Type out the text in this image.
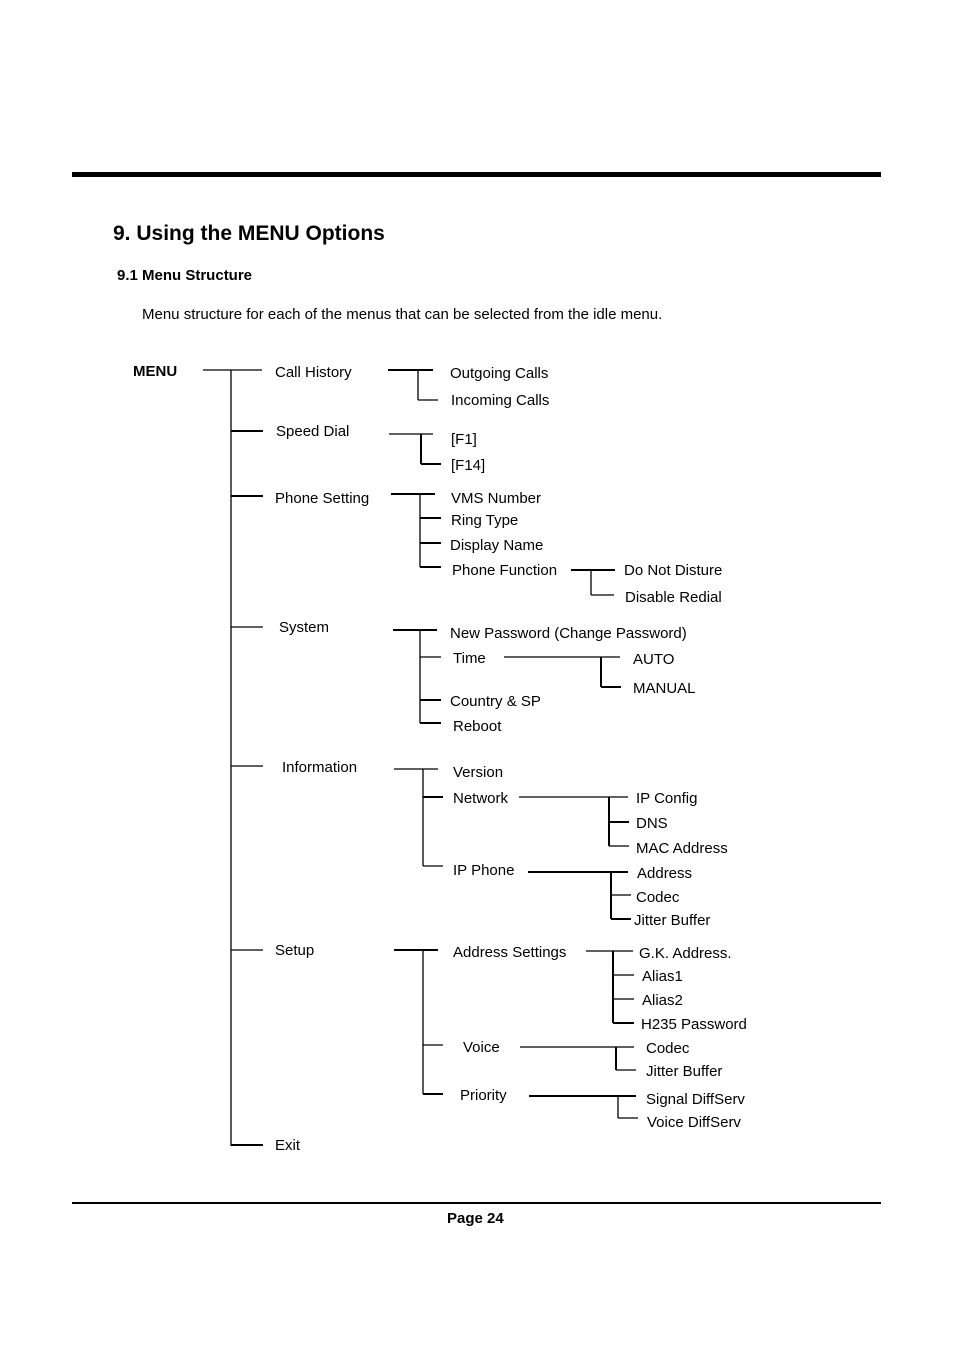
9. Using the MENU Options
9.1 Menu Structure
Menu structure for each of the menus that can be selected from the idle menu.
MENU	Call History	Outgoing Calls
Incoming Calls
Speed Dial	[F1]
[F14]
Phone Setting	VMS Number
Ring Type
Display Name
Phone Function	Do Not Disture
Disable Redial
System	New Password (Change Password)
Time	AUTO
MANUAL
Country & SP
Reboot
Information	Version
Network	IP Config
DNS
MAC Address
IP Phone	Address
Codec
Jitter Buffer
Setup	Address Settings	G.K. Address.
Alias1
Alias2
H235 Password
Voice	Codec
Jitter Buffer
Priority	Signal DiffServ
Voice DiffServ
Exit
Page 24
